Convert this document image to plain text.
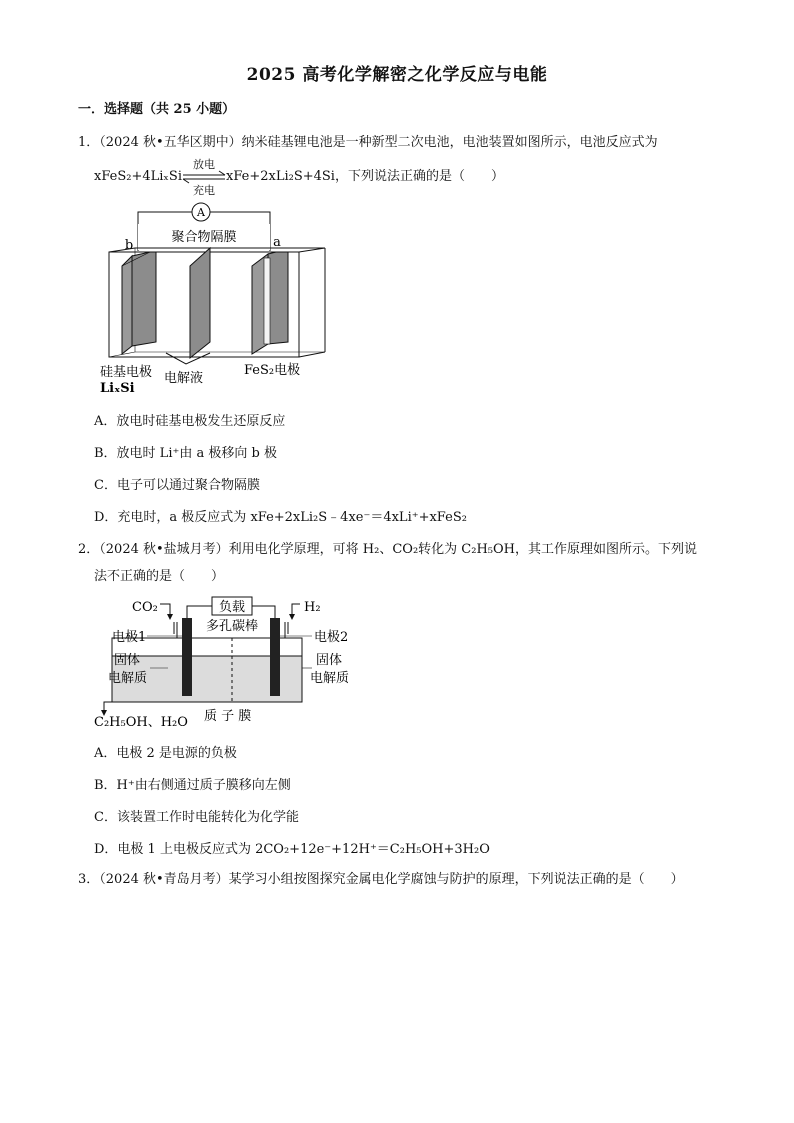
2025 高考化学解密之化学反应与电能
一．选择题（共 25 小题）
1．（2024 秋•五华区期中）纳米硅基锂电池是一种新型二次电池，电池装置如图所示，电池反应式为
xFeS₂+4LiₓSi
放电
充电
xFe+2xLi₂S+4Si，下列说法正确的是（　　）
A
聚合物隔膜
b	a
硅基电极
LiₓSi
电解液
FeS₂电极
A．放电时硅基电极发生还原反应
B．放电时 Li⁺由 a 极移向 b 极
C．电子可以通过聚合物隔膜
D．充电时，a 极反应式为 xFe+2xLi₂S﹣4xe⁻＝4xLi⁺+xFeS₂
2．（2024 秋•盐城月考）利用电化学原理，可将 H₂、CO₂转化为 C₂H₅OH，其工作原理如图所示。下列说
法不正确的是（　　）
负载
CO₂	H₂
多孔碳棒
电极1	电极2
固体
电解质
固体
电解质
C₂H₅OH、H₂O 质 子 膜
A．电极 2 是电源的负极
B．H⁺由右侧通过质子膜移向左侧
C．该装置工作时电能转化为化学能
D．电极 1 上电极反应式为 2CO₂+12e⁻+12H⁺＝C₂H₅OH+3H₂O
3．（2024 秋•青岛月考）某学习小组按图探究金属电化学腐蚀与防护的原理，下列说法正确的是（　　）
